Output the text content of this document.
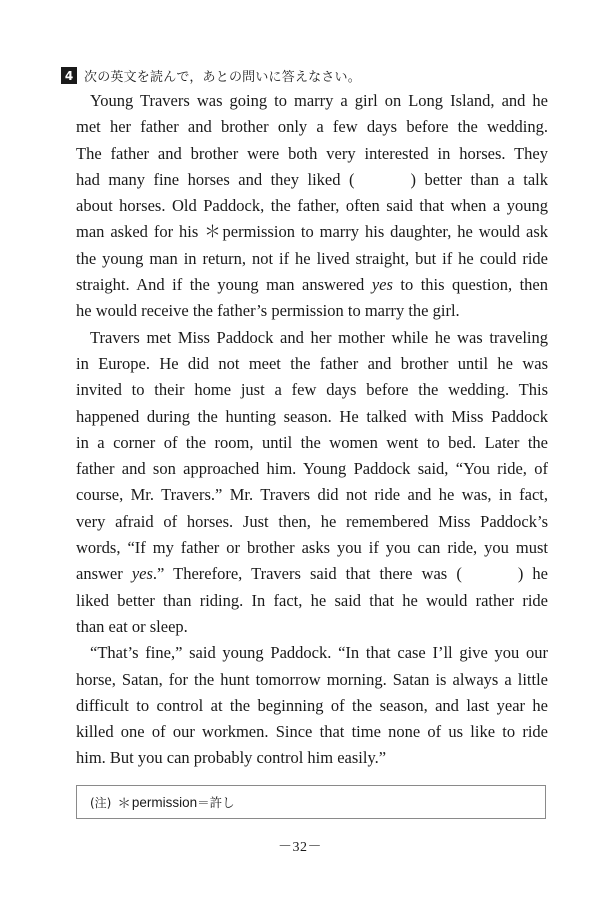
4 次の英文を読んで，あとの問いに答えなさい。
Young Travers was going to marry a girl on Long Island, and he
met her father and brother only a few days before the wedding.
The father and brother were both very interested in horses. They
had many fine horses and they liked (	) better than a talk
about horses. Old Paddock, the father, often said that when a young
man asked for his ＊permission to marry his daughter, he would ask
the young man in return, not if he lived straight, but if he could ride
straight. And if the young man answered yes to this question, then
he would receive the father’s permission to marry the girl.
Travers met Miss Paddock and her mother while he was traveling
in Europe. He did not meet the father and brother until he was
invited to their home just a few days before the wedding. This
happened during the hunting season. He talked with Miss Paddock
in a corner of the room, until the women went to bed. Later the
father and son approached him. Young Paddock said, “You ride, of
course, Mr. Travers.” Mr. Travers did not ride and he was, in fact,
very afraid of horses. Just then, he remembered Miss Paddock’s
words, “If my father or brother asks you if you can ride, you must
answer yes.” Therefore, Travers said that there was (	) he
liked better than riding. In fact, he said that he would rather ride
than eat or sleep.
“That’s fine,” said young Paddock. “In that case I’ll give you our
horse, Satan, for the hunt tomorrow morning. Satan is always a little
difficult to control at the beginning of the season, and last year he
killed one of our workmen. Since that time none of us like to ride
him. But you can probably control him easily.”
(注) ＊ permission ＝ 許し
－32－
